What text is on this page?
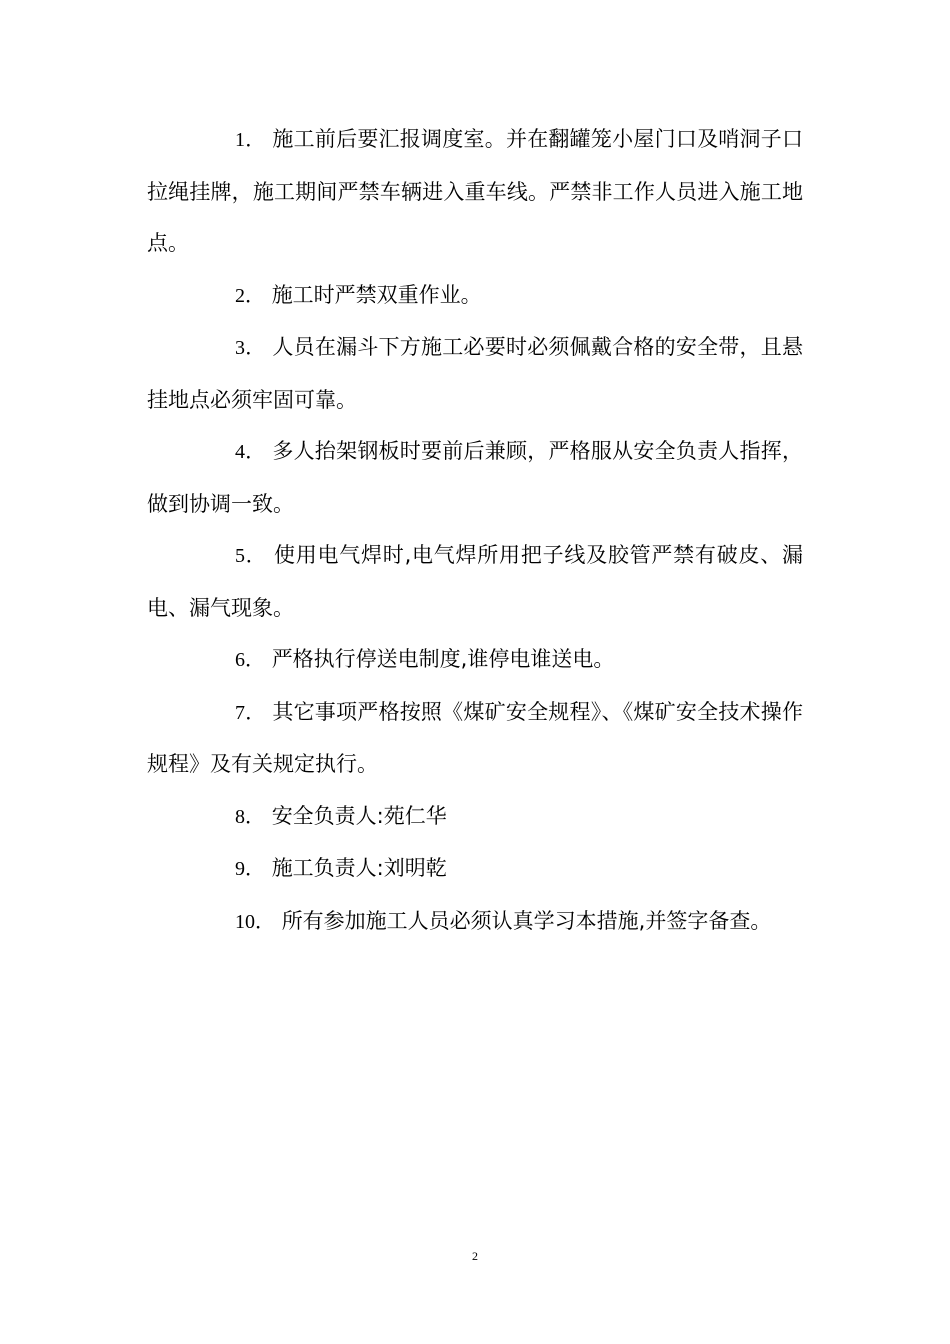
1． 施工前后要汇报调度室。并在翻罐笼小屋门口及哨洞子口拉绳挂牌，施工期间严禁车辆进入重车线。严禁非工作人员进入施工地点。

2． 施工时严禁双重作业。

3． 人员在漏斗下方施工必要时必须佩戴合格的安全带，且悬挂地点必须牢固可靠。

4． 多人抬架钢板时要前后兼顾，严格服从安全负责人指挥，做到协调一致。

5． 使用电气焊时,电气焊所用把子线及胶管严禁有破皮、漏电、漏气现象。

6． 严格执行停送电制度,谁停电谁送电。

7． 其它事项严格按照《煤矿安全规程》、《煤矿安全技术操作规程》及有关规定执行。

8． 安全负责人:苑仁华

9． 施工负责人:刘明乾

10． 所有参加施工人员必须认真学习本措施,并签字备查。

2
